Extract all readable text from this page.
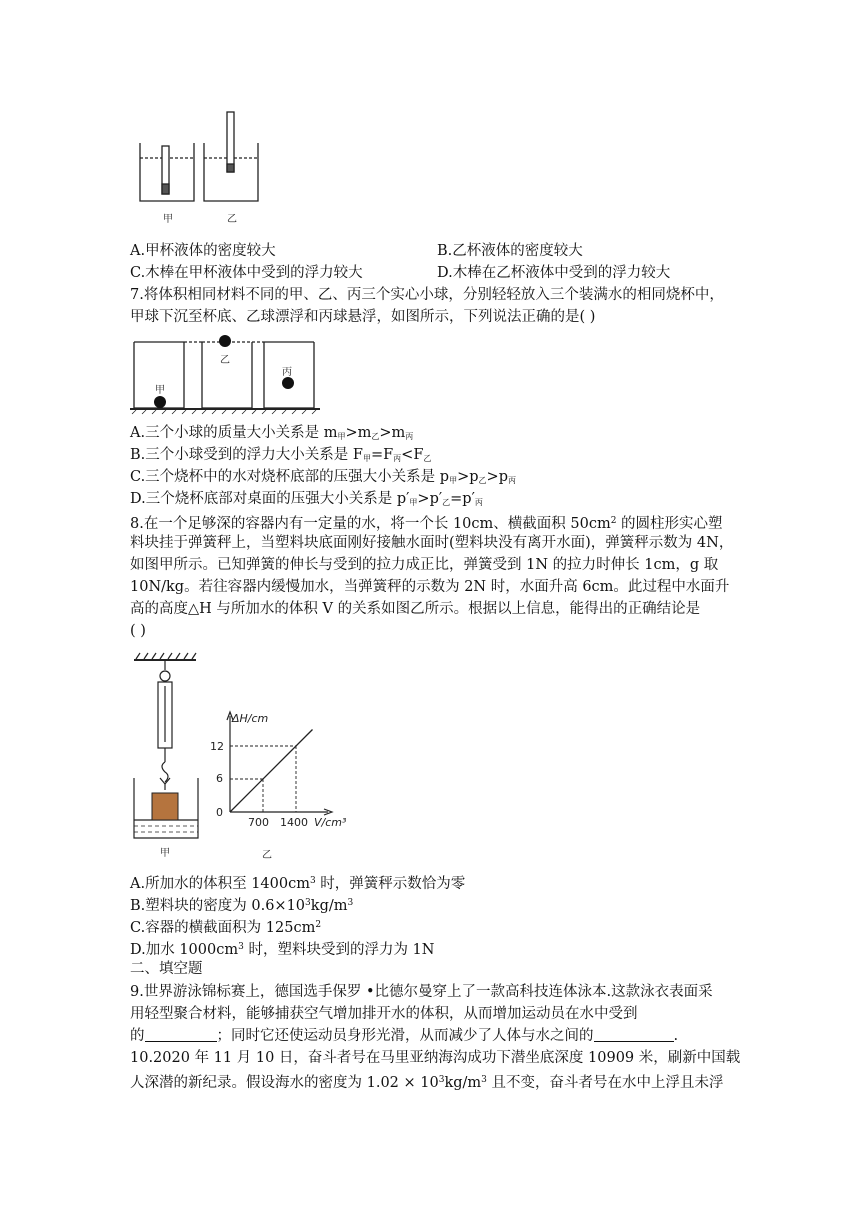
甲	乙
A.甲杯液体的密度较大	B.乙杯液体的密度较大
C.木棒在甲杯液体中受到的浮力较大	D.木棒在乙杯液体中受到的浮力较大
7.将体积相同材料不同的甲、乙、丙三个实心小球，分别轻轻放入三个装满水的相同烧杯中，
甲球下沉至杯底、乙球漂浮和丙球悬浮，如图所示，下列说法正确的是( )
甲
乙
丙
A.三个小球的质量大小关系是 $m_甲>m_乙>m_丙$
B.三个小球受到的浮力大小关系是 $F_甲=F_丙<F_乙$
C.三个烧杯中的水对烧杯底部的压强大小关系是 $p_甲>p_乙>p_丙$
D.三个烧杯底部对桌面的压强大小关系是 $p'_甲>p'_乙=p'_丙$
8.在一个足够深的容器内有一定量的水，将一个长 10cm、横截面积 $50cm^2$ 的圆柱形实心塑
料块挂于弹簧秤上，当塑料块底面刚好接触水面时(塑料块没有离开水面)，弹簧秤示数为 4N，
如图甲所示。已知弹簧的伸长与受到的拉力成正比，弹簧受到 1N 的拉力时伸长 1cm，g 取
10N/kg。若往容器内缓慢加水，当弹簧秤的示数为 2N 时，水面升高 6cm。此过程中水面升
高的高度△H 与所加水的体积 V 的关系如图乙所示。根据以上信息，能得出的正确结论是
( )
甲
ΔH/cm
V/cm³
0
6
12
700 1400
乙
A.所加水的体积至 $1400cm^3$ 时，弹簧秤示数恰为零
B.塑料块的密度为 $0.6\times 10^3kg/m^3$
C.容器的横截面积为 $125cm^2$
D.加水 $1000cm^3$ 时，塑料块受到的浮力为 1N
二、填空题
9.世界游泳锦标赛上，德国选手保罗 •比德尔曼穿上了一款高科技连体泳本.这款泳衣表面采
用轻型聚合材料，能够捕获空气增加排开水的体积，从而增加运动员在水中受到
的	；同时它还使运动员身形光滑，从而减少了人体与水之间的	.
10.2020 年 11 月 10 日，奋斗者号在马里亚纳海沟成功下潜坐底深度 10909 米，刷新中国载
人深潜的新纪录。假设海水的密度为 $1.02 \times 10^3kg/m^3$ 且不变，奋斗者号在水中上浮且未浮
